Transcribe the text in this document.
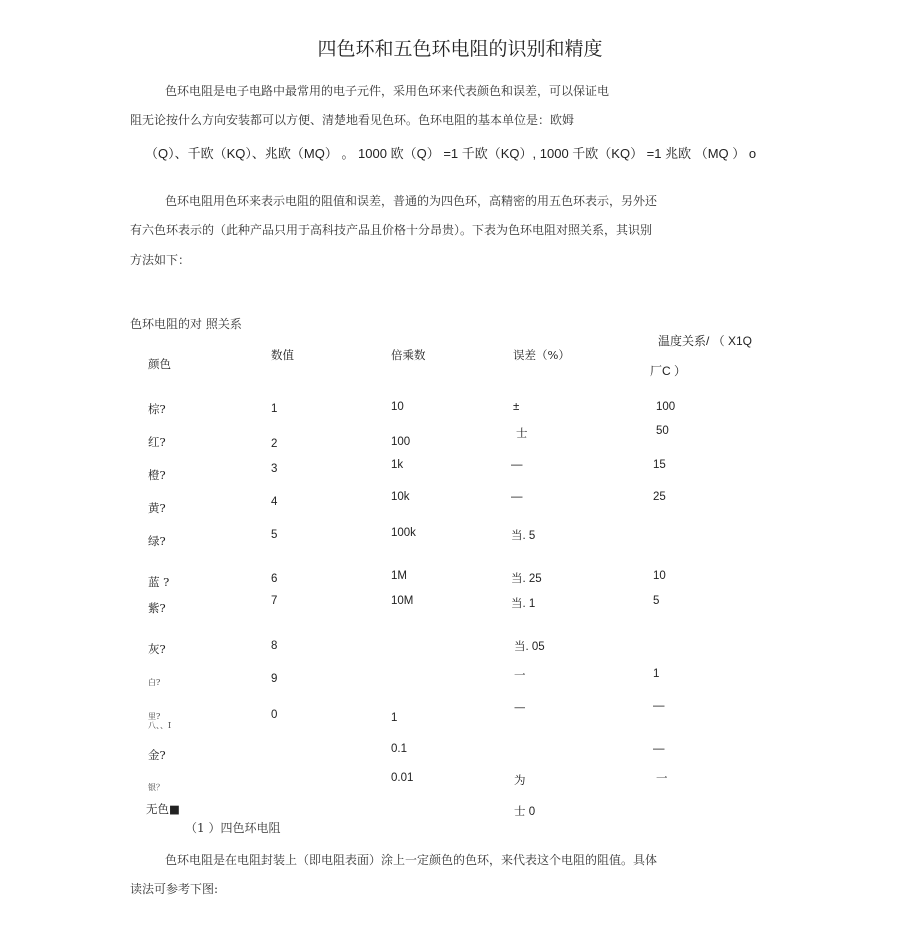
四色环和五色环电阻的识别和精度
色环电阻是电子电路中最常用的电子元件，采用色环来代表颜色和误差，可以保证电
阻无论按什么方向安装都可以方便、清楚地看见色环。色环电阻的基本单位是：欧姆
（Q）、千欧（KQ）、兆欧（MQ） 。 1000 欧（Q） =1 千欧（KQ）, 1000 千欧（KQ） =1 兆欧 （MQ ） o
色环电阻用色环来表示电阻的阻值和误差，普通的为四色环，高精密的用五色环表示，另外还
有六色环表示的（此种产品只用于高科技产品且价格十分昂贵）。下表为色环电阻对照关系，其识别
方法如下：
色环电阻的对 照关系
颜色
数值	倍乘数	误差（%）
温度关系/ （ X1Q
厂C ）
棕?
红?
橙?
黄?
绿?
蓝 ?
紫?
灰?
白?
里?
八、、I
金?
银？
无色■
1
2
3
4
5
6
7
8
9
0
10
100
1k
10k
100k
1M
10M
1
0.1
0.01
±
士
—
—
当. 5
当. 25
当. 1
当. 05
一
—
为
士 0
100
50
15
25
10
5
1
—
—
一
（1 ）四色环电阻
色环电阻是在电阻封装上（即电阻表面）涂上一定颜色的色环，来代表这个电阻的阻值。具体
读法可参考下图:
